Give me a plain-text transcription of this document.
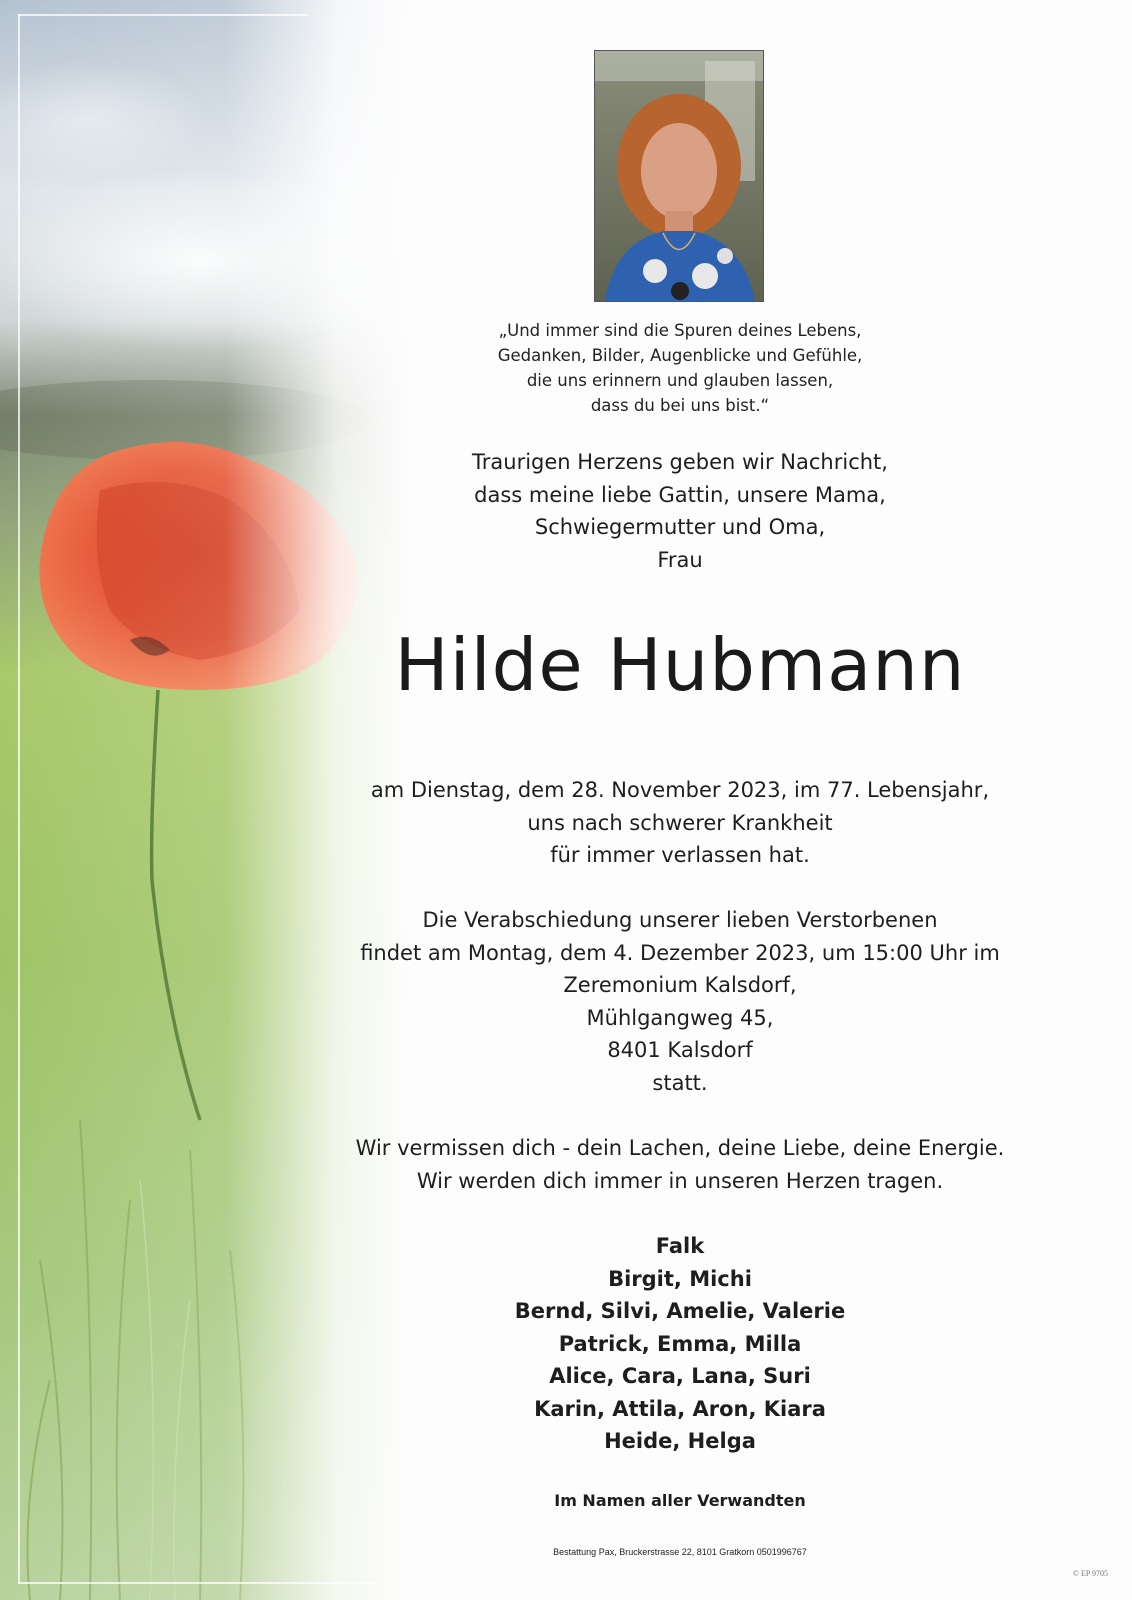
„Und immer sind die Spuren deines Lebens,
Gedanken, Bilder, Augenblicke und Gefühle,
die uns erinnern und glauben lassen,
dass du bei uns bist.“
Traurigen Herzens geben wir Nachricht,
dass meine liebe Gattin, unsere Mama,
Schwiegermutter und Oma,
Frau
Hilde Hubmann
am Dienstag, dem 28. November 2023, im 77. Lebensjahr,
uns nach schwerer Krankheit
für immer verlassen hat.
Die Verabschiedung unserer lieben Verstorbenen
findet am Montag, dem 4. Dezember 2023, um 15:00 Uhr im
Zeremonium Kalsdorf,
Mühlgangweg 45,
8401 Kalsdorf
statt.
Wir vermissen dich - dein Lachen, deine Liebe, deine Energie.
Wir werden dich immer in unseren Herzen tragen.
Falk
Birgit, Michi
Bernd, Silvi, Amelie, Valerie
Patrick, Emma, Milla
Alice, Cara, Lana, Suri
Karin, Attila, Aron, Kiara
Heide, Helga
Im Namen aller Verwandten
Bestattung Pax, Bruckerstrasse 22, 8101 Gratkorn 0501996767
© EP 9705
